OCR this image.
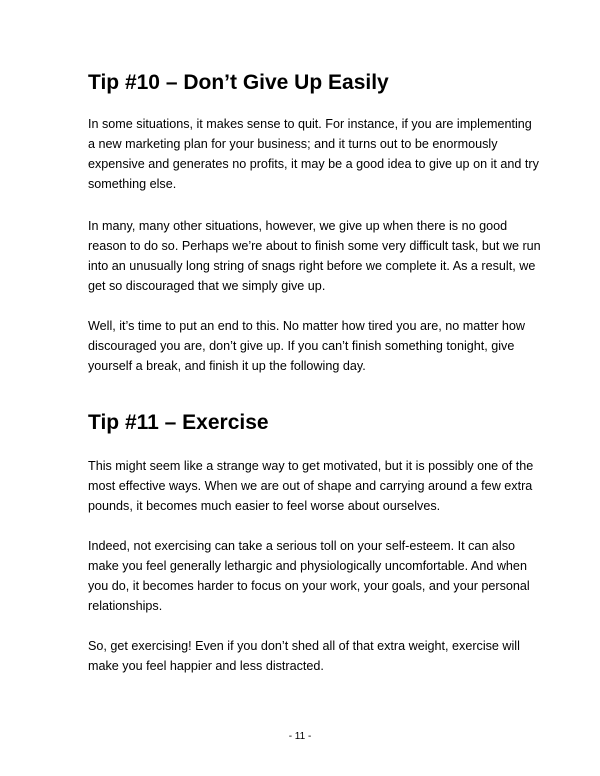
Tip #10 – Don’t Give Up Easily
In some situations, it makes sense to quit. For instance, if you are implementing
a new marketing plan for your business; and it turns out to be enormously
expensive and generates no profits, it may be a good idea to give up on it and try
something else.
In many, many other situations, however, we give up when there is no good
reason to do so. Perhaps we’re about to finish some very difficult task, but we run
into an unusually long string of snags right before we complete it. As a result, we
get so discouraged that we simply give up.
Well, it’s time to put an end to this. No matter how tired you are, no matter how
discouraged you are, don’t give up. If you can’t finish something tonight, give
yourself a break, and finish it up the following day.
Tip #11 – Exercise
This might seem like a strange way to get motivated, but it is possibly one of the
most effective ways. When we are out of shape and carrying around a few extra
pounds, it becomes much easier to feel worse about ourselves.
Indeed, not exercising can take a serious toll on your self-esteem. It can also
make you feel generally lethargic and physiologically uncomfortable. And when
you do, it becomes harder to focus on your work, your goals, and your personal
relationships.
So, get exercising! Even if you don’t shed all of that extra weight, exercise will
make you feel happier and less distracted.
- 11 -
